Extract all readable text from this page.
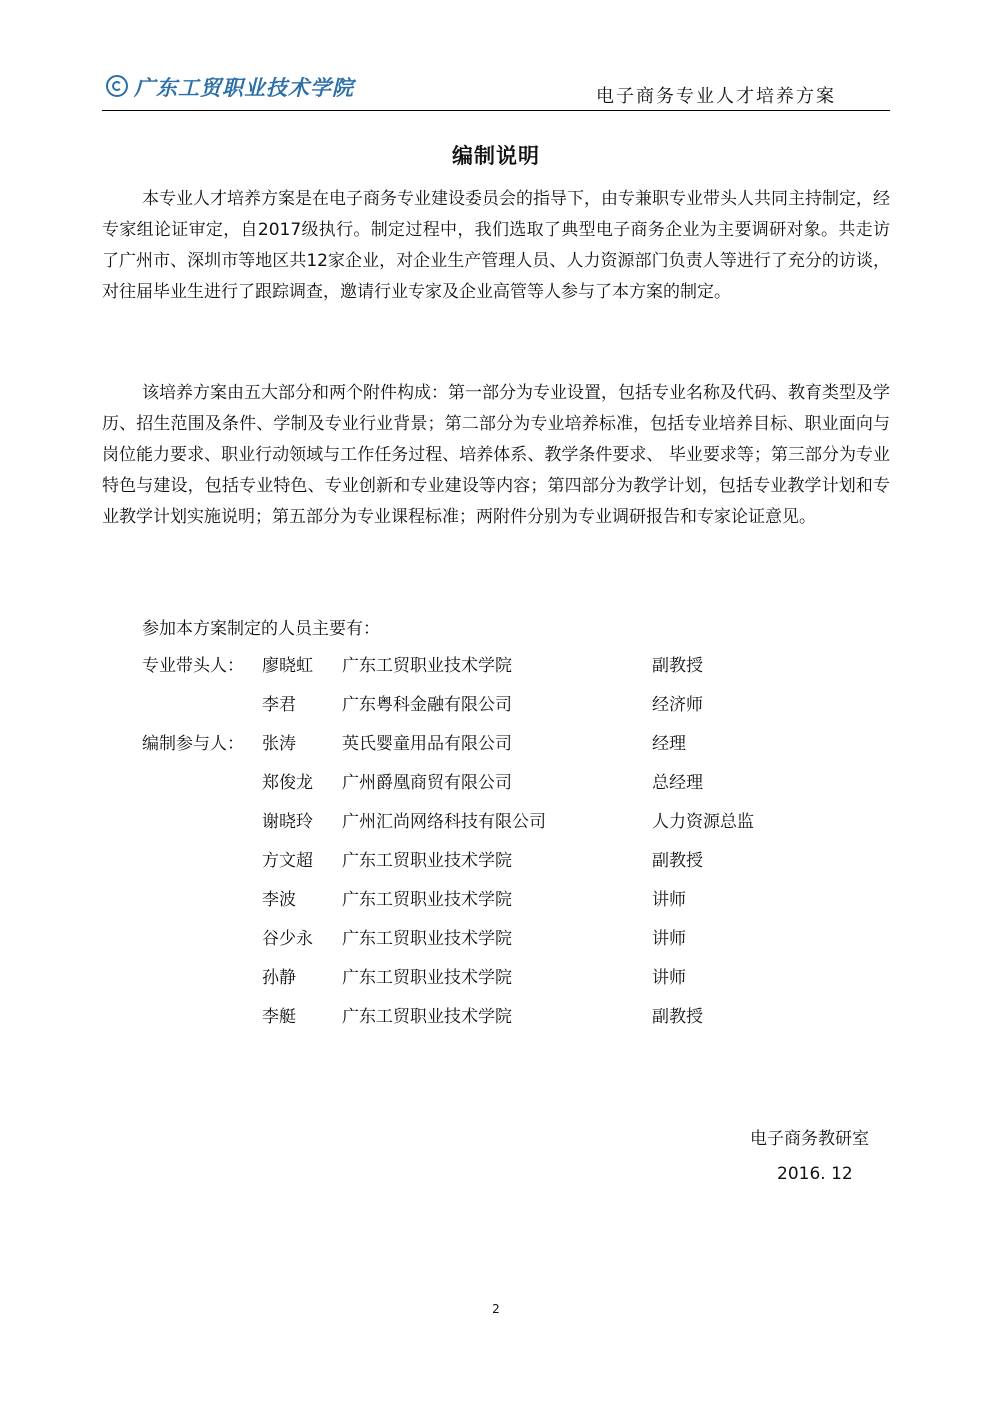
广东工贸职业技术学院	电子商务专业人才培养方案
编制说明

本专业人才培养方案是在电子商务专业建设委员会的指导下，由专兼职专业带头人共同主持制定，经专家组论证审定，自2017级执行。制定过程中，我们选取了典型电子商务企业为主要调研对象。共走访了广州市、深圳市等地区共12家企业，对企业生产管理人员、人力资源部门负责人等进行了充分的访谈，对往届毕业生进行了跟踪调查，邀请行业专家及企业高管等人参与了本方案的制定。

该培养方案由五大部分和两个附件构成：第一部分为专业设置，包括专业名称及代码、教育类型及学历、招生范围及条件、学制及专业行业背景；第二部分为专业培养标准，包括专业培养目标、职业面向与岗位能力要求、职业行动领域与工作任务过程、培养体系、教学条件要求、 毕业要求等；第三部分为专业特色与建设，包括专业特色、专业创新和专业建设等内容；第四部分为教学计划，包括专业教学计划和专业教学计划实施说明；第五部分为专业课程标准；两附件分别为专业调研报告和专家论证意见。

参加本方案制定的人员主要有：

专业带头人： 廖晓虹 广东工贸职业技术学院	副教授
李君	广东粤科金融有限公司	经济师
编制参与人： 张涛	英氏婴童用品有限公司	经理
郑俊龙 广州爵凰商贸有限公司	总经理
谢晓玲 广州汇尚网络科技有限公司	人力资源总监
方文超 广东工贸职业技术学院	副教授
李波	广东工贸职业技术学院	讲师
谷少永 广东工贸职业技术学院	讲师
孙静	广东工贸职业技术学院	讲师
李艇	广东工贸职业技术学院	副教授
电子商务教研室
2016. 12
2
